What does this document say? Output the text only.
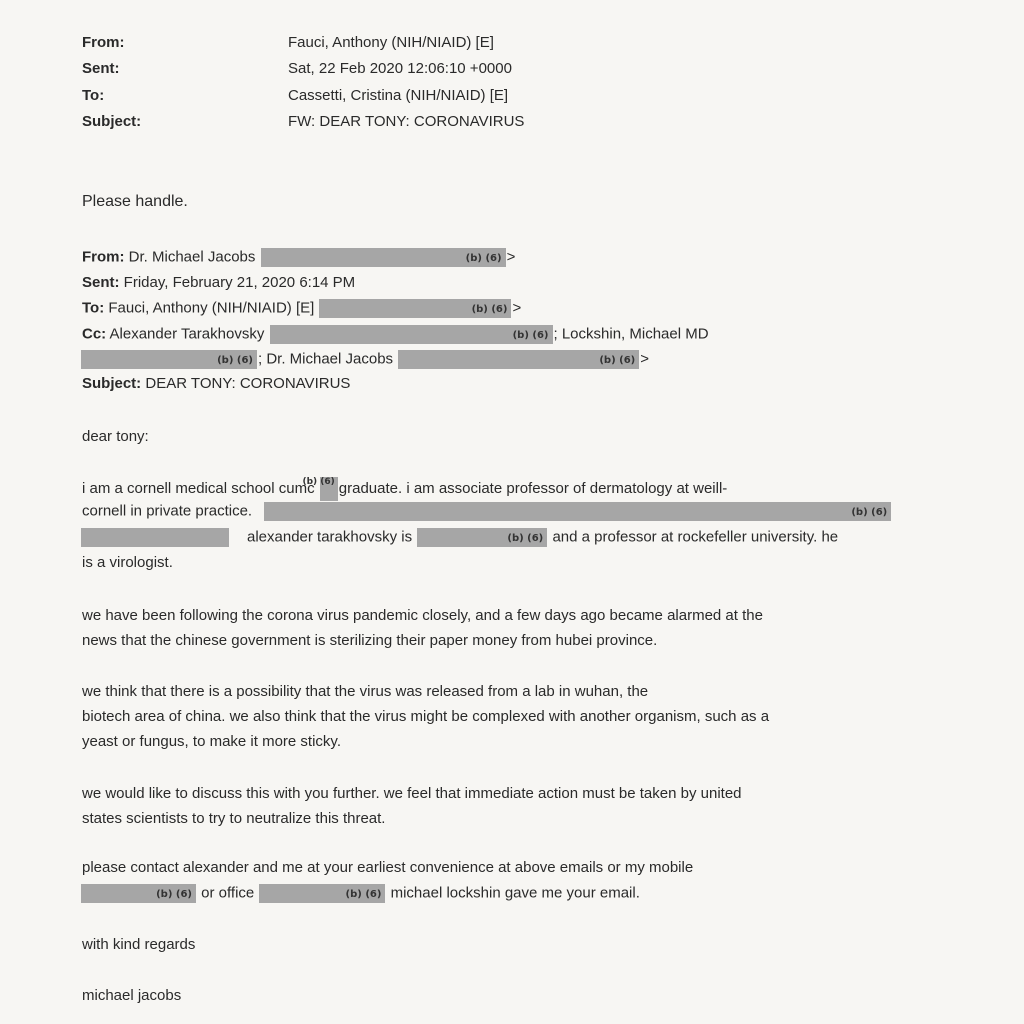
From:	Fauci, Anthony (NIH/NIAID) [E]
Sent:	Sat, 22 Feb 2020 12:06:10 +0000
To:	Cassetti, Cristina (NIH/NIAID) [E]
Subject:	FW: DEAR TONY: CORONAVIRUS
Please handle.
From: Dr. Michael Jacobs	(b) (6) >
Sent: Friday, February 21, 2020 6:14 PM
To: Fauci, Anthony (NIH/NIAID) [E]	(b) (6) >
Cc: Alexander Tarakhovsky	(b) (6) ; Lockshin, Michael MD
(b) (6) ; Dr. Michael Jacobs	(b) (6) >
Subject: DEAR TONY: CORONAVIRUS
dear tony:
i am a cornell medical school cumc
(b) (6) graduate. i am associate professor of dermatology at weill-
cornell in private practice.	(b) (6)
alexander tarakhovsky is	(b) (6) and a professor at rockefeller university. he
is a virologist.
we have been following the corona virus pandemic closely, and a few days ago became alarmed at the
news that the chinese government is sterilizing their paper money from hubei province.
we think that there is a possibility that the virus was released from a lab in wuhan, the
biotech area of china. we also think that the virus might be complexed with another organism, such as a
yeast or fungus, to make it more sticky.
we would like to discuss this with you further. we feel that immediate action must be taken by united
states scientists to try to neutralize this threat.
please contact alexander and me at your earliest convenience at above emails or my mobile
(b) (6) or office	(b) (6) michael lockshin gave me your email.
with kind regards
michael jacobs
